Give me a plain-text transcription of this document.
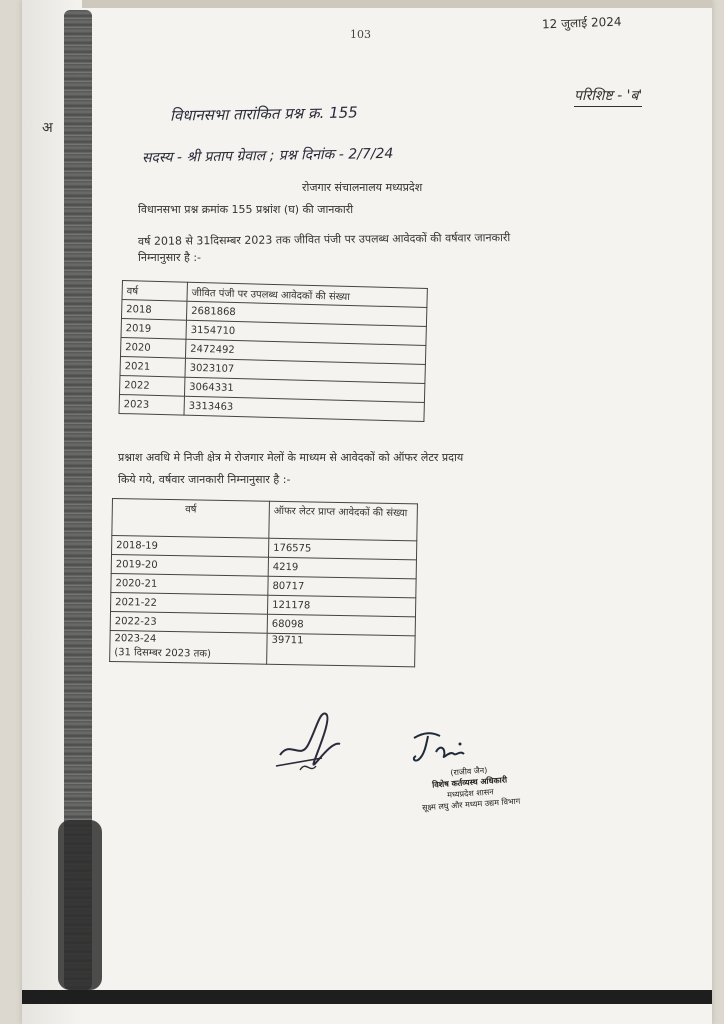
12 जुलाई 2024
103
परिशिष्ट - 'ब'
अ
विधानसभा तारांकित प्रश्न क्र. 155
सदस्य - श्री प्रताप ग्रेवाल ; प्रश्न दिनांक - 2/7/24
रोजगार संचालनालय मध्यप्रदेश
विधानसभा प्रश्न क्रमांक 155 प्रश्नांश (घ) की जानकारी
वर्ष 2018 से 31दिसम्बर 2023 तक जीवित पंजी पर उपलब्ध आवेदकों की वर्षवार जानकारी
निम्नानुसार है :-
वर्ष	जीवित पंजी पर उपलब्ध आवेदकों की संख्या
2018	2681868
2019	3154710
2020	2472492
2021	3023107
2022	3064331
2023	3313463
प्रश्नाश अवधि मे निजी क्षेत्र मे रोजगार मेलों के माध्यम से आवेदकों को ऑफर लेटर प्रदाय
किये गये, वर्षवार जानकारी निम्नानुसार है :-
वर्ष	ऑफर लेटर प्राप्त आवेदकों की संख्या
2018-19	176575
2019-20	4219
2020-21	80717
2021-22	121178
2022-23	68098

2023-24
(31 दिसम्बर 2023 तक)	39711
(राजीव जैन)
विशेष कर्तव्यस्थ अधिकारी
मध्यप्रदेश शासन
सूक्ष्म लघु और मध्यम उद्यम विभाग
